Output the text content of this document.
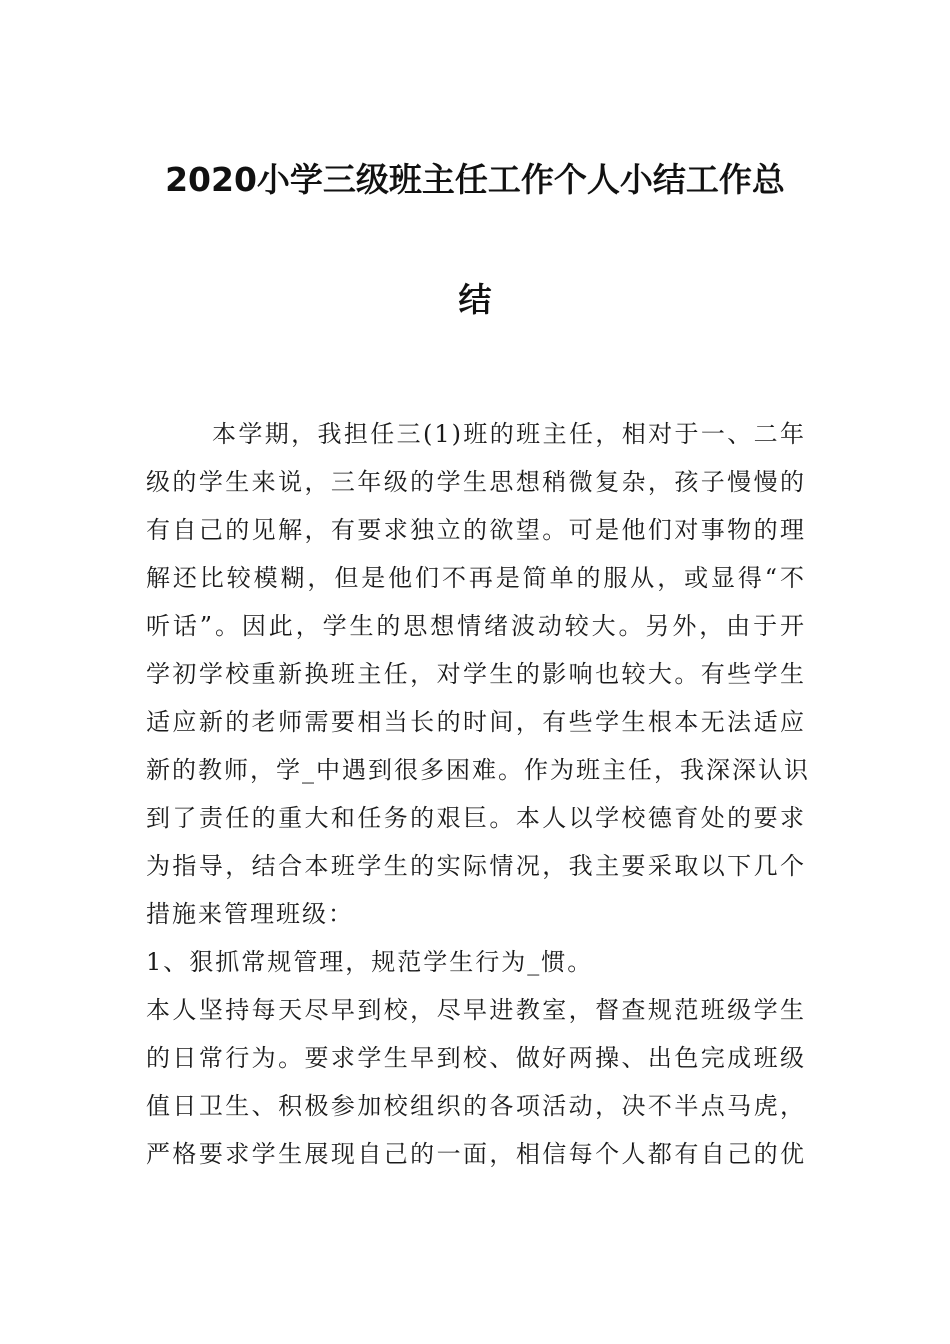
2020小学三级班主任工作个人小结工作总
结
本学期，我担任三(1)班的班主任，相对于一、二年
级的学生来说，三年级的学生思想稍微复杂，孩子慢慢的
有自己的见解，有要求独立的欲望。可是他们对事物的理
解还比较模糊，但是他们不再是简单的服从，或显得“不
听话”。因此，学生的思想情绪波动较大。另外，由于开
学初学校重新换班主任，对学生的影响也较大。有些学生
适应新的老师需要相当长的时间，有些学生根本无法适应
新的教师，学_中遇到很多困难。作为班主任，我深深认识
到了责任的重大和任务的艰巨。本人以学校德育处的要求
为指导，结合本班学生的实际情况，我主要采取以下几个
措施来管理班级：
1、狠抓常规管理，规范学生行为_惯。
本人坚持每天尽早到校，尽早进教室，督查规范班级学生
的日常行为。要求学生早到校、做好两操、出色完成班级
值日卫生、积极参加校组织的各项活动，决不半点马虎，
严格要求学生展现自己的一面，相信每个人都有自己的优
